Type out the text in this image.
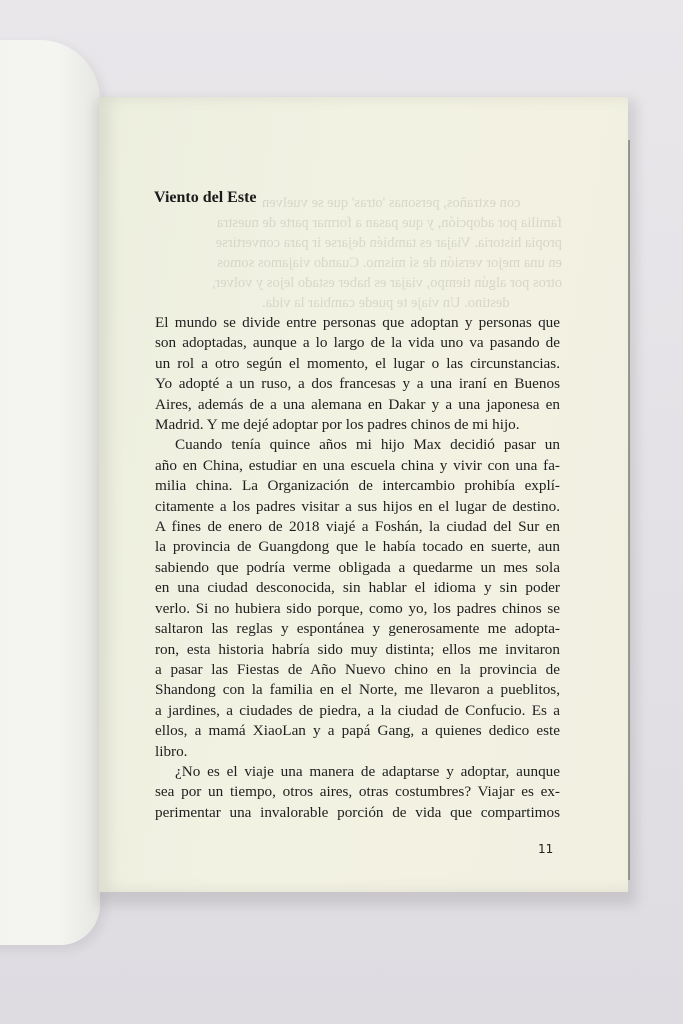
con extraños, personas 'otras' que se vuelven
familia por adopción, y que pasan a formar parte de nuestra
propia historia. Viajar es también dejarse ir para convertirse
en una mejor versión de sí mismo. Cuando viajamos somos
otros por algún tiempo, viajar es haber estado lejos y volver,
destino. Un viaje te puede cambiar la vida.
Viento del Este
El mundo se divide entre personas que adoptan y personas que
son adoptadas, aunque a lo largo de la vida uno va pasando de
un rol a otro según el momento, el lugar o las circunstancias.
Yo adopté a un ruso, a dos francesas y a una iraní en Buenos
Aires, además de a una alemana en Dakar y a una japonesa en
Madrid. Y me dejé adoptar por los padres chinos de mi hijo.
Cuando tenía quince años mi hijo Max decidió pasar un
año en China, estudiar en una escuela china y vivir con una fa-
milia china. La Organización de intercambio prohibía explí-
citamente a los padres visitar a sus hijos en el lugar de destino.
A fines de enero de 2018 viajé a Foshán, la ciudad del Sur en
la provincia de Guangdong que le había tocado en suerte, aun
sabiendo que podría verme obligada a quedarme un mes sola
en una ciudad desconocida, sin hablar el idioma y sin poder
verlo. Si no hubiera sido porque, como yo, los padres chinos se
saltaron las reglas y espontánea y generosamente me adopta-
ron, esta historia habría sido muy distinta; ellos me invitaron
a pasar las Fiestas de Año Nuevo chino en la provincia de
Shandong con la familia en el Norte, me llevaron a pueblitos,
a jardines, a ciudades de piedra, a la ciudad de Confucio. Es a
ellos, a mamá XiaoLan y a papá Gang, a quienes dedico este
libro.
¿No es el viaje una manera de adaptarse y adoptar, aunque
sea por un tiempo, otros aires, otras costumbres? Viajar es ex-
perimentar una invalorable porción de vida que compartimos
11
